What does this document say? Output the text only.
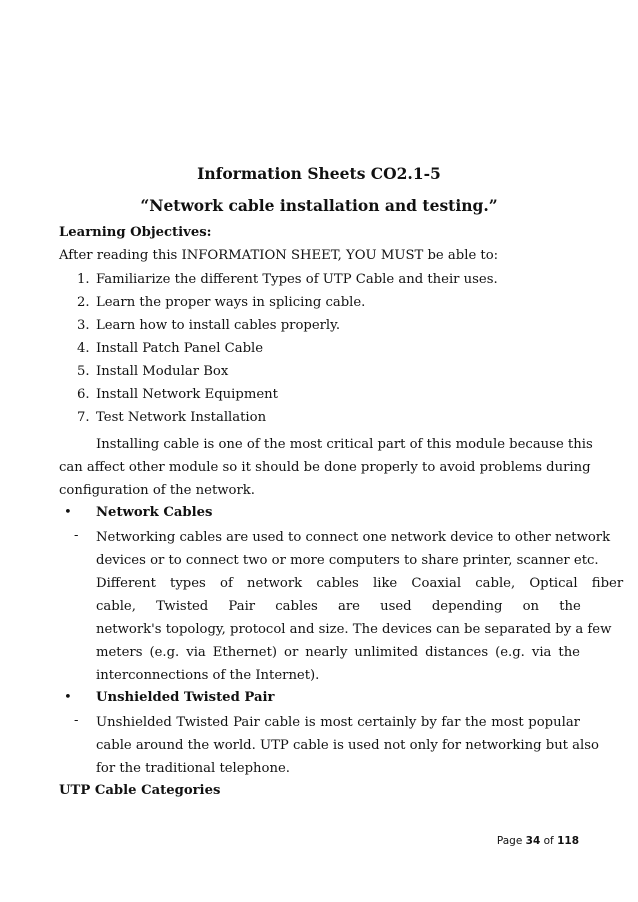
Information Sheets CO2.1-5
“Network cable installation and testing.”
Learning Objectives:
After reading this INFORMATION SHEET, YOU MUST be able to:
1. Familiarize the different Types of UTP Cable and their uses.
2. Learn the proper ways in splicing cable.
3. Learn how to install cables properly.
4. Install Patch Panel Cable
5. Install Modular Box
6. Install Network Equipment
7. Test Network Installation
Installing cable is one of the most critical part of this module because this
can affect other module so it should be done properly to avoid problems during
configuration of the network.
• Network Cables
- Networking cables are used to connect one network device to other network
devices or to connect two or more computers to share printer, scanner etc.
Different types of network cables like Coaxial cable, Optical fiber
cable, Twisted Pair cables are used depending on the
network's topology, protocol and size. The devices can be separated by a few
meters (e.g. via Ethernet) or nearly unlimited distances (e.g. via the
interconnections of the Internet).
• Unshielded Twisted Pair
- Unshielded Twisted Pair cable is most certainly by far the most popular
cable around the world. UTP cable is used not only for networking but also
for the traditional telephone.
UTP Cable Categories
Page 34 of 118
